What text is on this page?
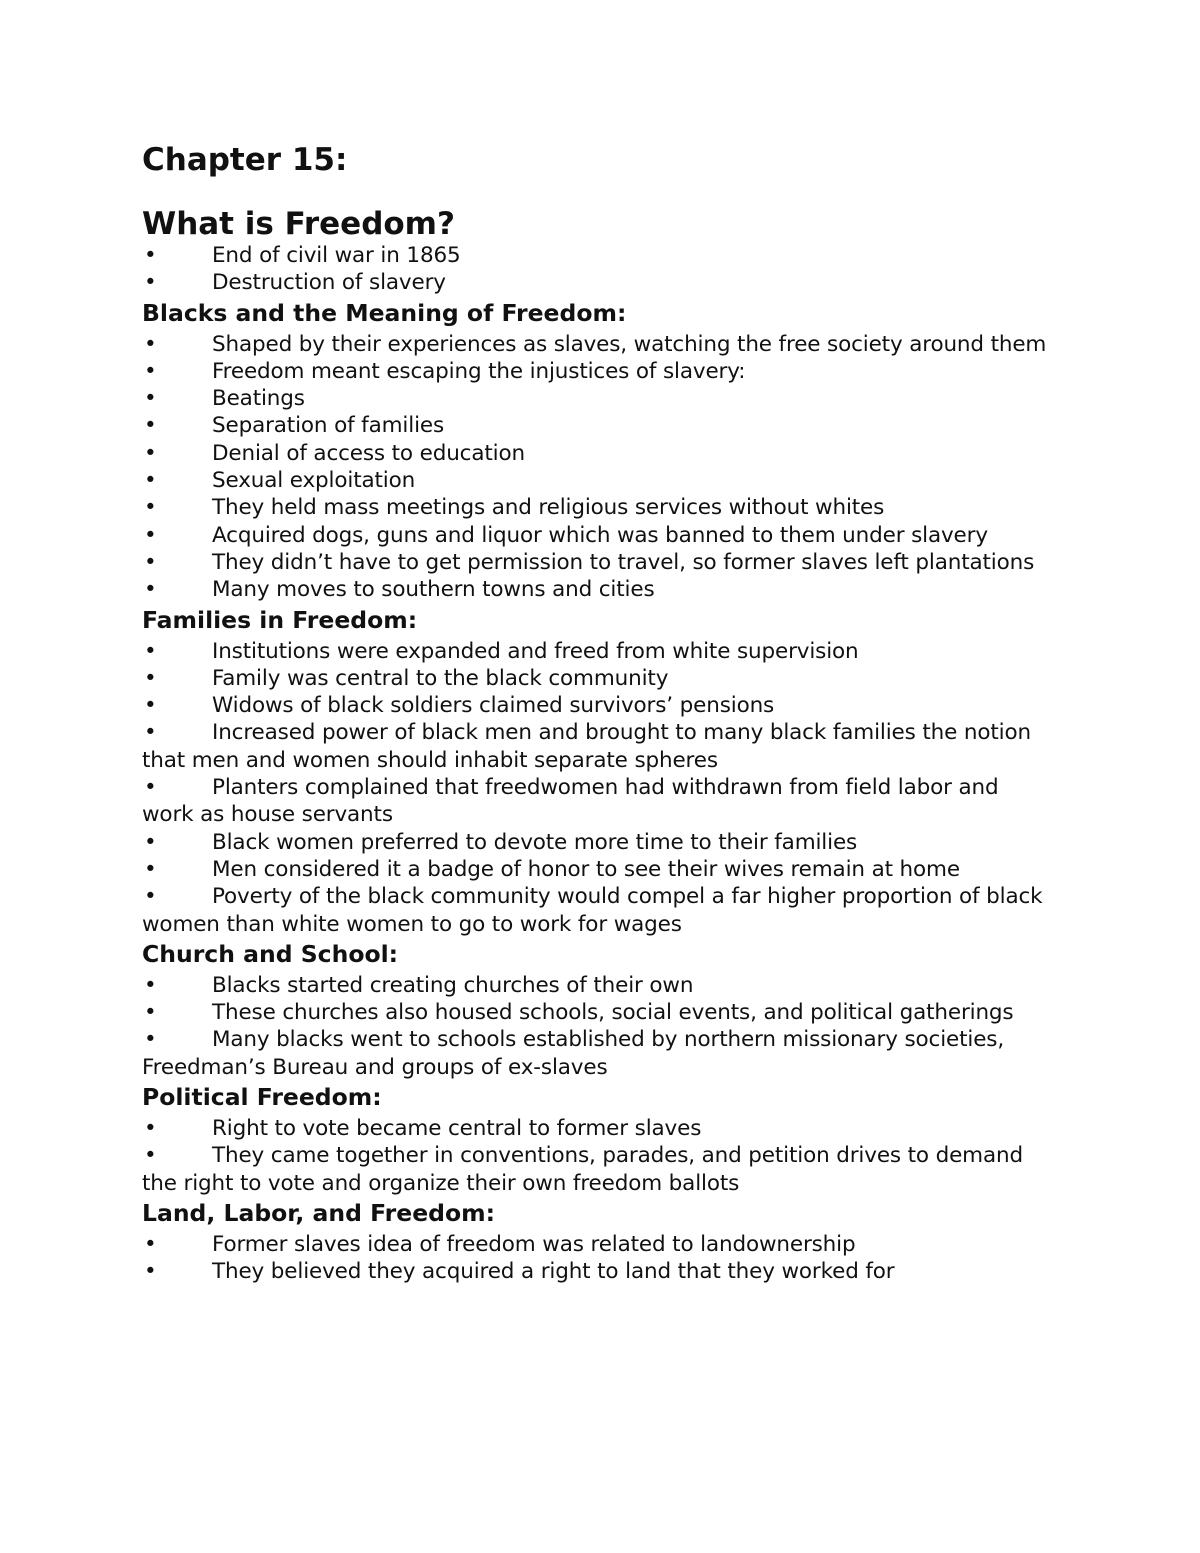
Chapter 15:
What is Freedom?
•	End of civil war in 1865
•	Destruction of slavery
Blacks and the Meaning of Freedom:
•	Shaped by their experiences as slaves, watching the free society around them
•	Freedom meant escaping the injustices of slavery:
•	Beatings
•	Separation of families
•	Denial of access to education
•	Sexual exploitation
•	They held mass meetings and religious services without whites
•	Acquired dogs, guns and liquor which was banned to them under slavery
•	They didn’t have to get permission to travel, so former slaves left plantations
•	Many moves to southern towns and cities
Families in Freedom:
•	Institutions were expanded and freed from white supervision
•	Family was central to the black community
•	Widows of black soldiers claimed survivors’ pensions
•	Increased power of black men and brought to many black families the notion that men and women should inhabit separate spheres
•	Planters complained that freedwomen had withdrawn from field labor and work as house servants
•	Black women preferred to devote more time to their families
•	Men considered it a badge of honor to see their wives remain at home
•	Poverty of the black community would compel a far higher proportion of black women than white women to go to work for wages
Church and School:
•	Blacks started creating churches of their own
•	These churches also housed schools, social events, and political gatherings
•	Many blacks went to schools established by northern missionary societies, Freedman’s Bureau and groups of ex-slaves
Political Freedom:
•	Right to vote became central to former slaves
•	They came together in conventions, parades, and petition drives to demand the right to vote and organize their own freedom ballots
Land, Labor, and Freedom:
•	Former slaves idea of freedom was related to landownership
•	They believed they acquired a right to land that they worked for
